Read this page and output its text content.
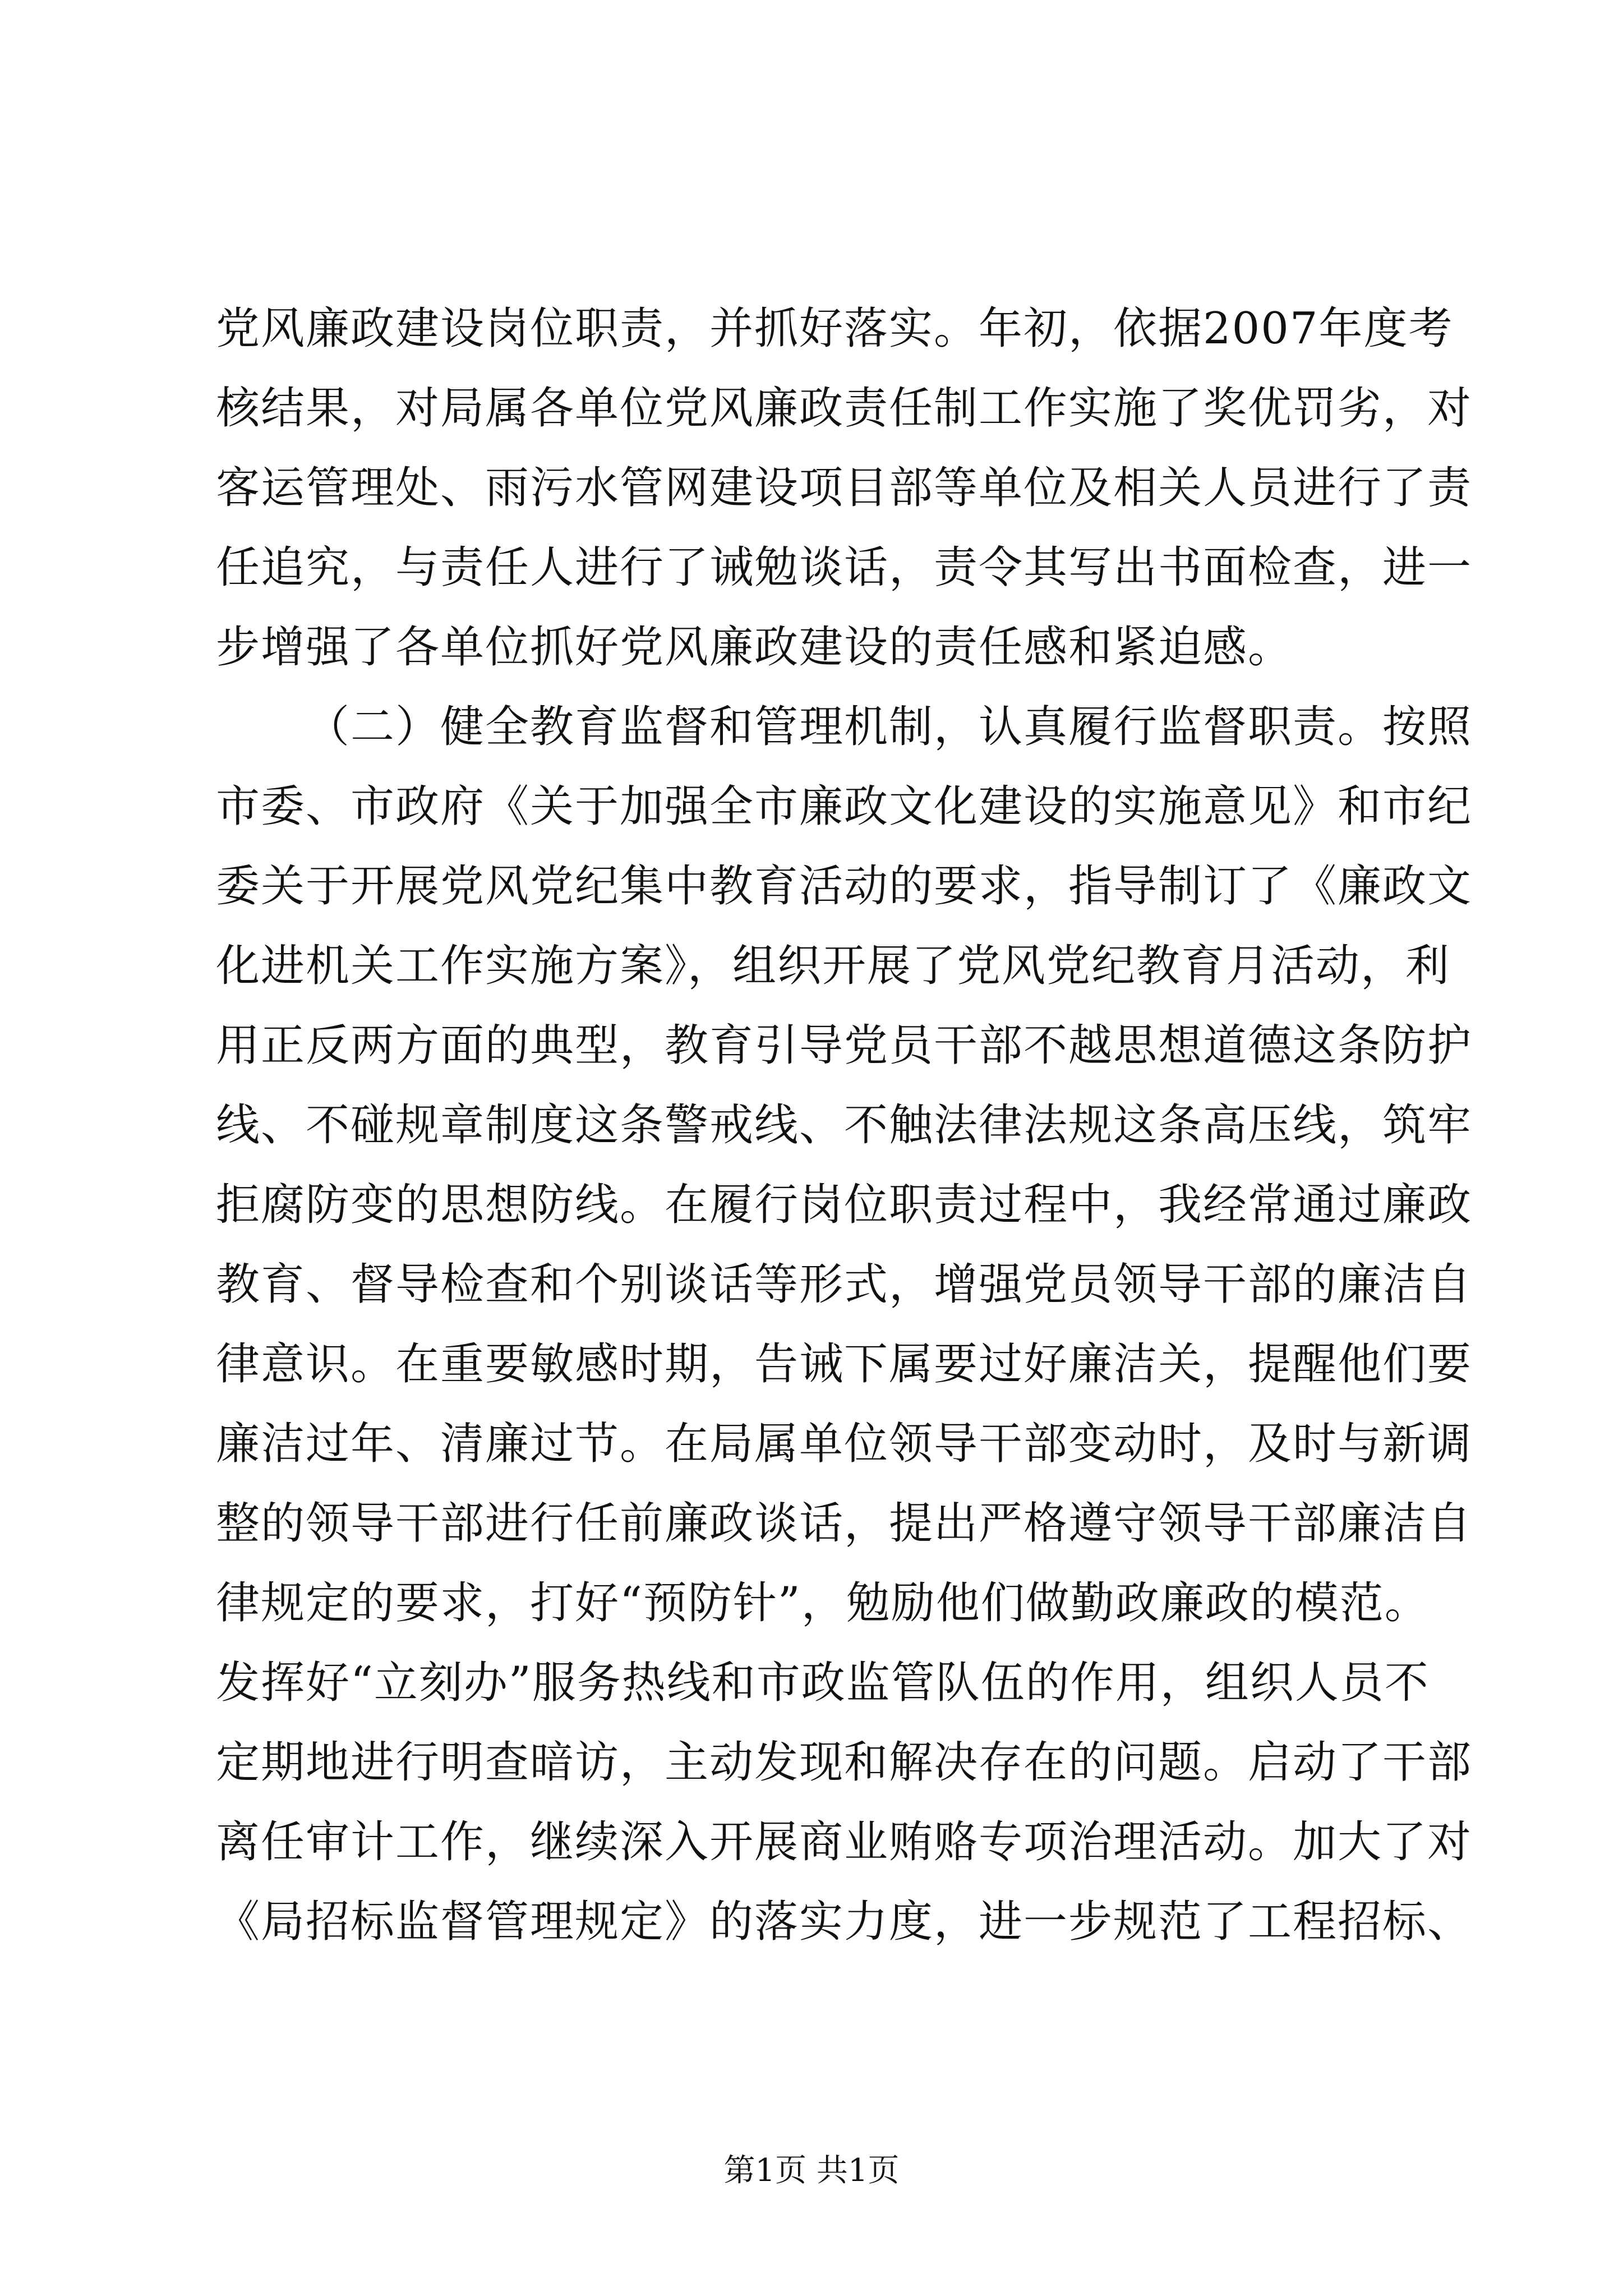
党风廉政建设岗位职责，并抓好落实。年初，依据2007年度考
核结果，对局属各单位党风廉政责任制工作实施了奖优罚劣，对
客运管理处、雨污水管网建设项目部等单位及相关人员进行了责
任追究，与责任人进行了诫勉谈话，责令其写出书面检查，进一
步增强了各单位抓好党风廉政建设的责任感和紧迫感。
（二）健全教育监督和管理机制，认真履行监督职责。按照
市委、市政府《关于加强全市廉政文化建设的实施意见》和市纪
委关于开展党风党纪集中教育活动的要求，指导制订了《廉政文
化进机关工作实施方案》，组织开展了党风党纪教育月活动，利
用正反两方面的典型，教育引导党员干部不越思想道德这条防护
线、不碰规章制度这条警戒线、不触法律法规这条高压线，筑牢
拒腐防变的思想防线。在履行岗位职责过程中，我经常通过廉政
教育、督导检查和个别谈话等形式，增强党员领导干部的廉洁自
律意识。在重要敏感时期，告诫下属要过好廉洁关，提醒他们要
廉洁过年、清廉过节。在局属单位领导干部变动时，及时与新调
整的领导干部进行任前廉政谈话，提出严格遵守领导干部廉洁自
律规定的要求，打好“预防针”，勉励他们做勤政廉政的模范。
发挥好“立刻办”服务热线和市政监管队伍的作用，组织人员不
定期地进行明查暗访，主动发现和解决存在的问题。启动了干部
离任审计工作，继续深入开展商业贿赂专项治理活动。加大了对
《局招标监督管理规定》的落实力度，进一步规范了工程招标、
第1页 共1页
